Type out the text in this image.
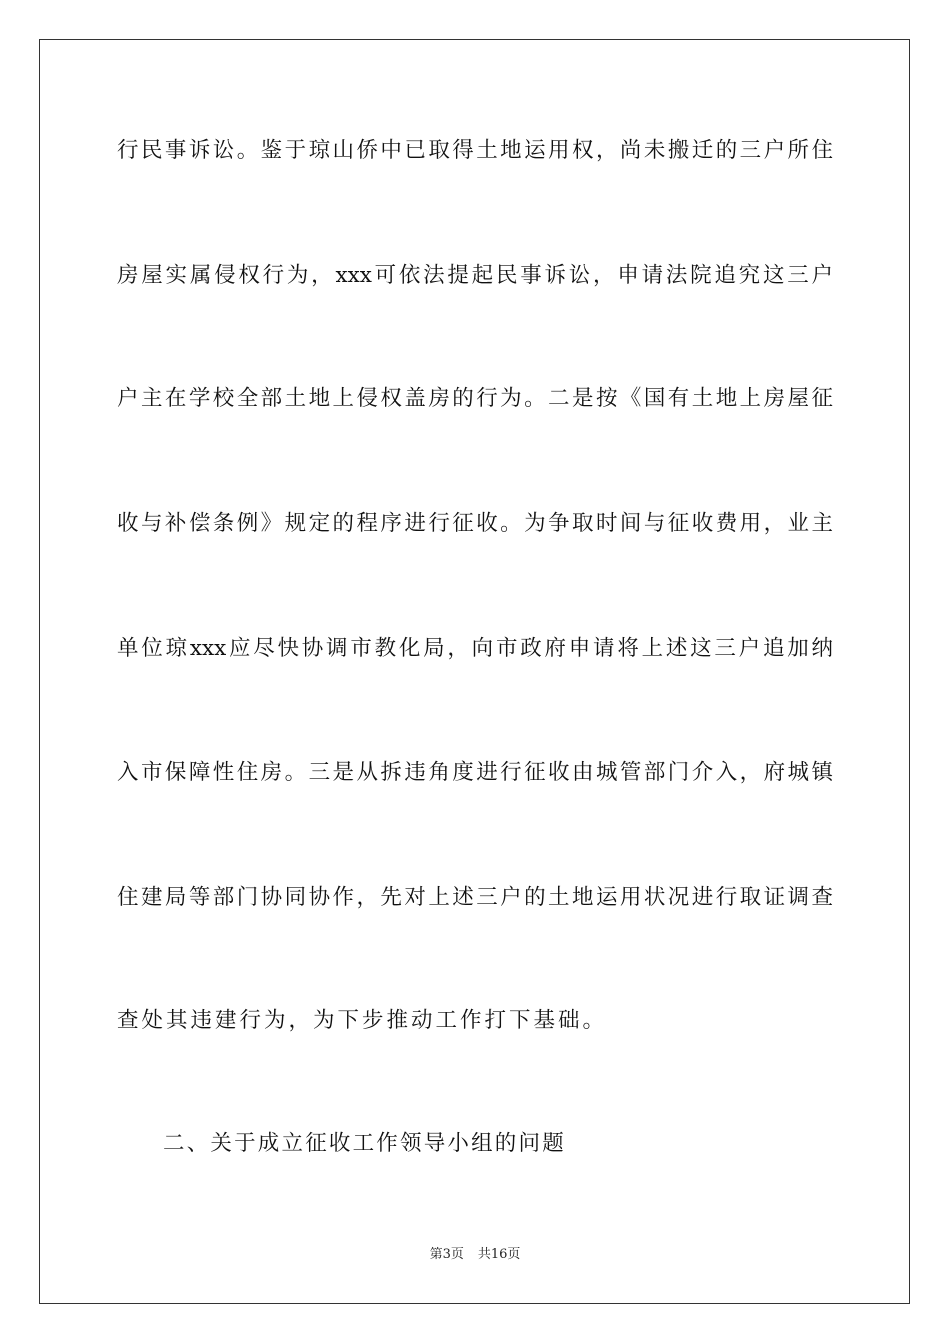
行民事诉讼。鉴于琼山侨中已取得土地运用权，尚未搬迁的三户所住
房屋实属侵权行为，xxx可依法提起民事诉讼，申请法院追究这三户
户主在学校全部土地上侵权盖房的行为。二是按《国有土地上房屋征
收与补偿条例》规定的程序进行征收。为争取时间与征收费用，业主
单位琼xxx应尽快协调市教化局，向市政府申请将上述这三户追加纳
入市保障性住房。三是从拆违角度进行征收由城管部门介入，府城镇
住建局等部门协同协作，先对上述三户的土地运用状况进行取证调查
查处其违建行为，为下步推动工作打下基础。
二、关于成立征收工作领导小组的问题
第3页 共16页
